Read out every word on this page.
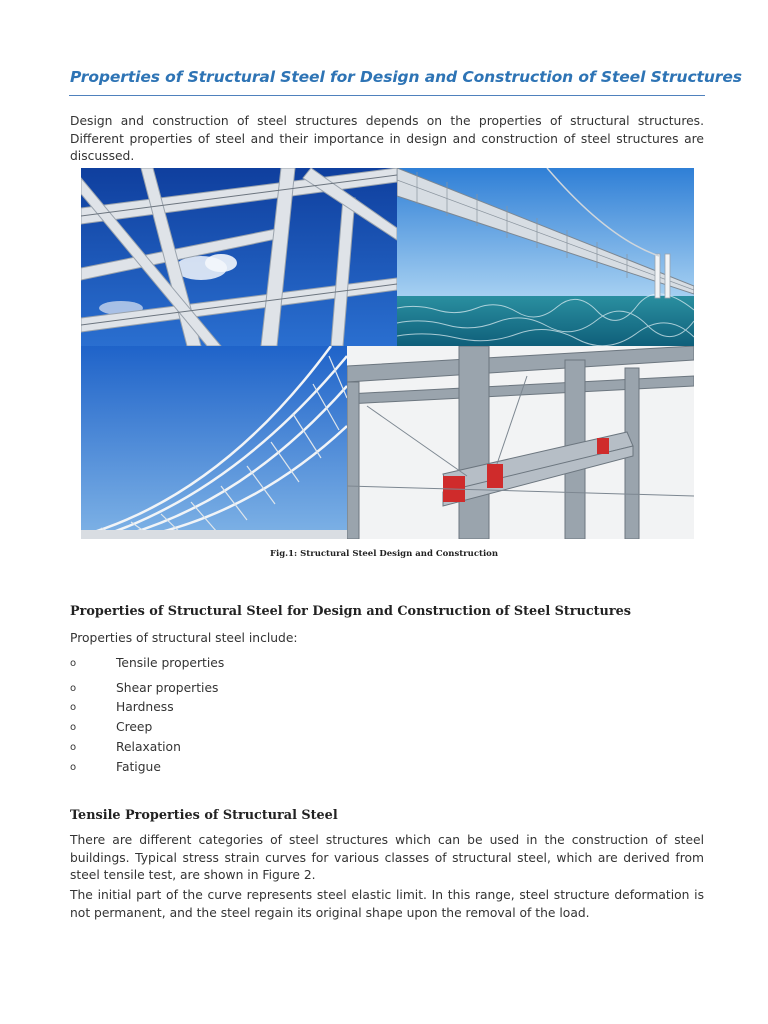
Properties of Structural Steel for Design and Construction of Steel Structures
Design and construction of steel structures depends on the properties of structural structures. Different properties of steel and their importance in design and construction of steel structures are discussed.
Fig.1: Structural Steel Design and Construction
Properties of Structural Steel for Design and Construction of Steel Structures
Properties of structural steel include:
o	Tensile properties
o	Shear properties
o	Hardness
o	Creep
o	Relaxation
o	Fatigue
Tensile Properties of Structural Steel
There are different categories of steel structures which can be used in the construction of steel buildings. Typical stress strain curves for various classes of structural steel, which are derived from steel tensile test, are shown in Figure 2.
The initial part of the curve represents steel elastic limit. In this range, steel structure deformation is not permanent, and the steel regain its original shape upon the removal of the load.
